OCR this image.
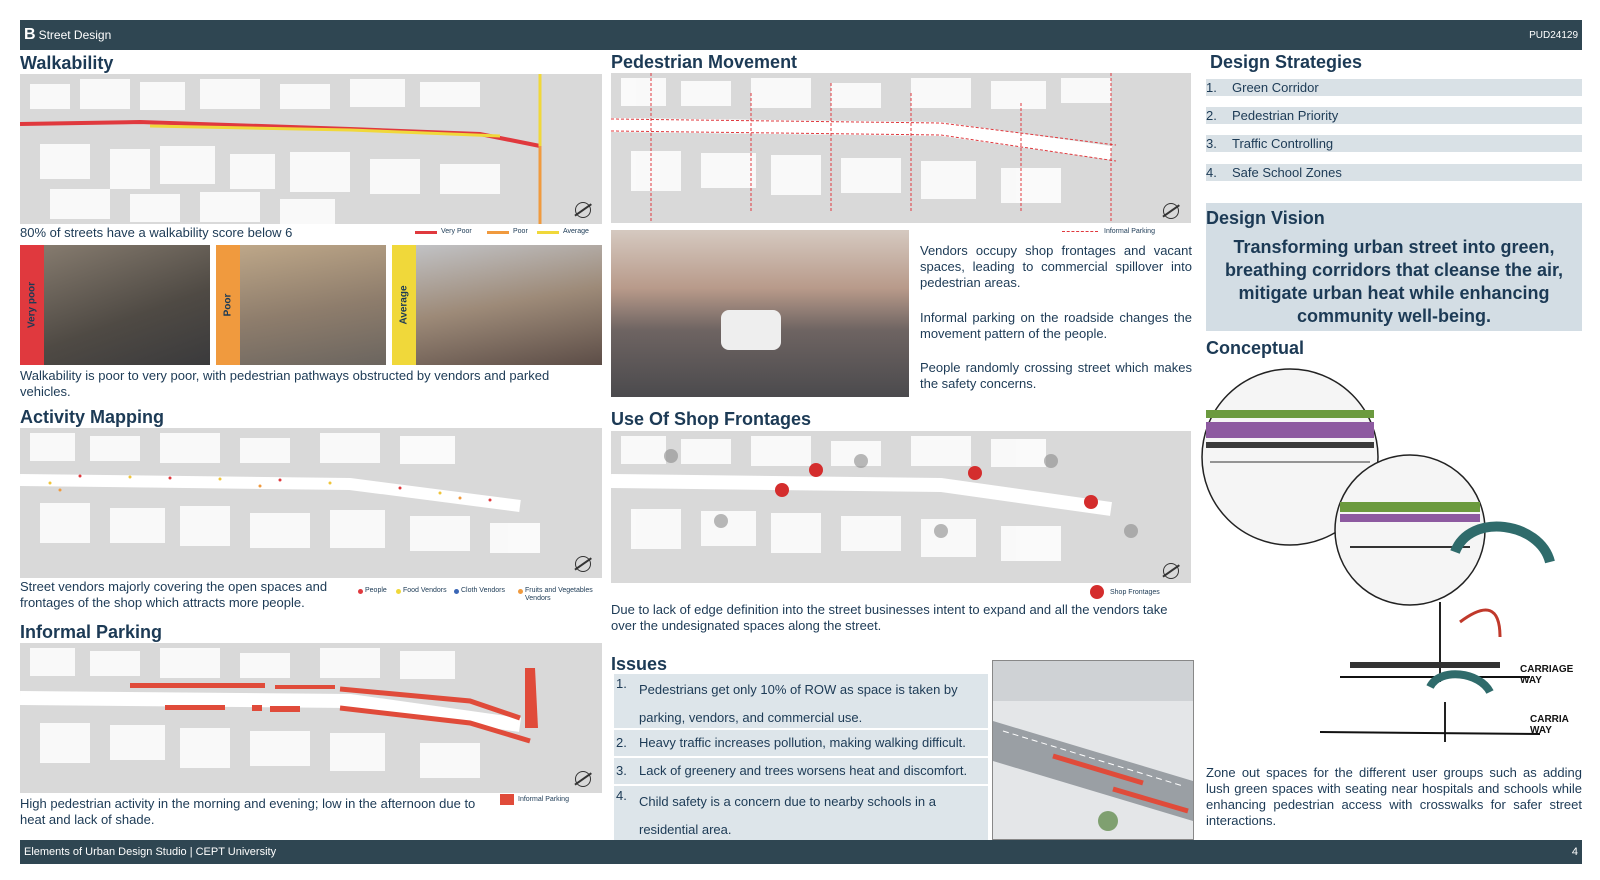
B Street Design	PUD24129
Elements of Urban Design Studio | CEPT University	4
Walkability
80% of streets have a walkability score below 6	Very Poor	Poor	Average
Very poor	Poor	Average
Walkability is poor to very poor, with pedestrian pathways obstructed by vendors and parked vehicles.
Activity Mapping
Street vendors majorly covering the open spaces and frontages of the shop which attracts more people.
People Food Vendors Cloth Vendors	Fruits and Vegetables Vendors
Informal Parking
High pedestrian activity in the morning and evening; low in the afternoon due to heat and lack of shade.
Informal Parking
Pedestrian Movement
Informal Parking
Vendors occupy shop frontages and vacant spaces, leading to commercial spillover into pedestrian areas.
Informal parking on the roadside changes the movement pattern of the people.
People randomly crossing street which makes the safety concerns.
Use Of Shop Frontages
Shop Frontages
Due to lack of edge definition into the street businesses intent to expand and all the vendors take over the undesignated spaces along the street.
Issues
1. Pedestrians get only 10% of ROW as space is taken by parking, vendors, and commercial use.
2. Heavy traffic increases pollution, making walking difficult.
3. Lack of greenery and trees worsens heat and discomfort.
4. Child safety is a concern due to nearby schools in a residential area.
Design Strategies
1.	Green Corridor
2.	Pedestrian Priority
3.	Traffic Controlling
4.	Safe School Zones
Design Vision
Transforming urban street into green, breathing corridors that cleanse the air, mitigate urban heat while enhancing community well-being.
Conceptual
CARRIAGE WAY
CARRIA WAY
Zone out spaces for the different user groups such as adding lush green spaces with seating near hospitals and schools while enhancing pedestrian access with crosswalks for safer street interactions.
